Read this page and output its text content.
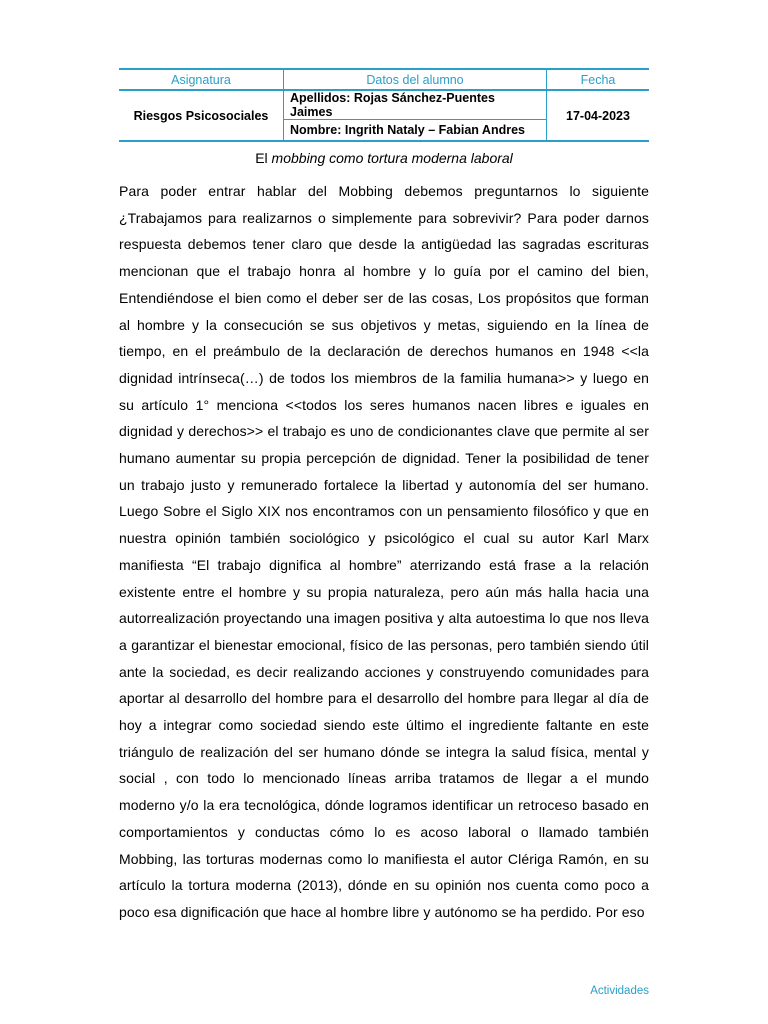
Asignatura	Datos del alumno	Fecha
Riesgos Psicosociales	Apellidos: Rojas Sánchez-Puentes Jaimes	17-04-2023
	Nombre: Ingrith Nataly – Fabian Andres	
El mobbing como tortura moderna laboral

Para poder entrar hablar del Mobbing debemos preguntarnos lo siguiente ¿Trabajamos para realizarnos o simplemente para sobrevivir? Para poder darnos respuesta debemos tener claro que desde la antigüedad las sagradas escrituras mencionan que el trabajo honra al hombre y lo guía por el camino del bien, Entendiéndose el bien como el deber ser de las cosas, Los propósitos que forman al hombre y la consecución se sus objetivos y metas, siguiendo en la línea de tiempo, en el preámbulo de la declaración de derechos humanos en 1948 <<la dignidad intrínseca(…) de todos los miembros de la familia humana>> y luego en su artículo 1° menciona <<todos los seres humanos nacen libres e iguales en dignidad y derechos>> el trabajo es uno de condicionantes clave que permite al ser humano aumentar su propia percepción de dignidad. Tener la posibilidad de tener un trabajo justo y remunerado fortalece la libertad y autonomía del ser humano. Luego Sobre el Siglo XIX nos encontramos con un pensamiento filosófico y que en nuestra opinión también sociológico y psicológico el cual su autor Karl Marx manifiesta “El trabajo dignifica al hombre” aterrizando está frase a la relación existente entre el hombre y su propia naturaleza, pero aún más halla hacia una autorrealización proyectando una imagen positiva y alta autoestima lo que nos lleva a garantizar el bienestar emocional, físico de las personas, pero también siendo útil ante la sociedad, es decir realizando acciones y construyendo comunidades para aportar al desarrollo del hombre para el desarrollo del hombre para llegar al día de hoy a integrar como sociedad siendo este último el ingrediente faltante en este triángulo de realización del ser humano dónde se integra la salud física, mental y social , con todo lo mencionado líneas arriba tratamos de llegar a el mundo moderno y/o la era tecnológica, dónde logramos identificar un retroceso basado en comportamientos y conductas cómo lo es acoso laboral o llamado también Mobbing, las torturas modernas como lo manifiesta el autor Clériga Ramón, en su artículo la tortura moderna (2013), dónde en su opinión nos cuenta como poco a poco esa dignificación que hace al hombre libre y autónomo se ha perdido. Por eso

Actividades
